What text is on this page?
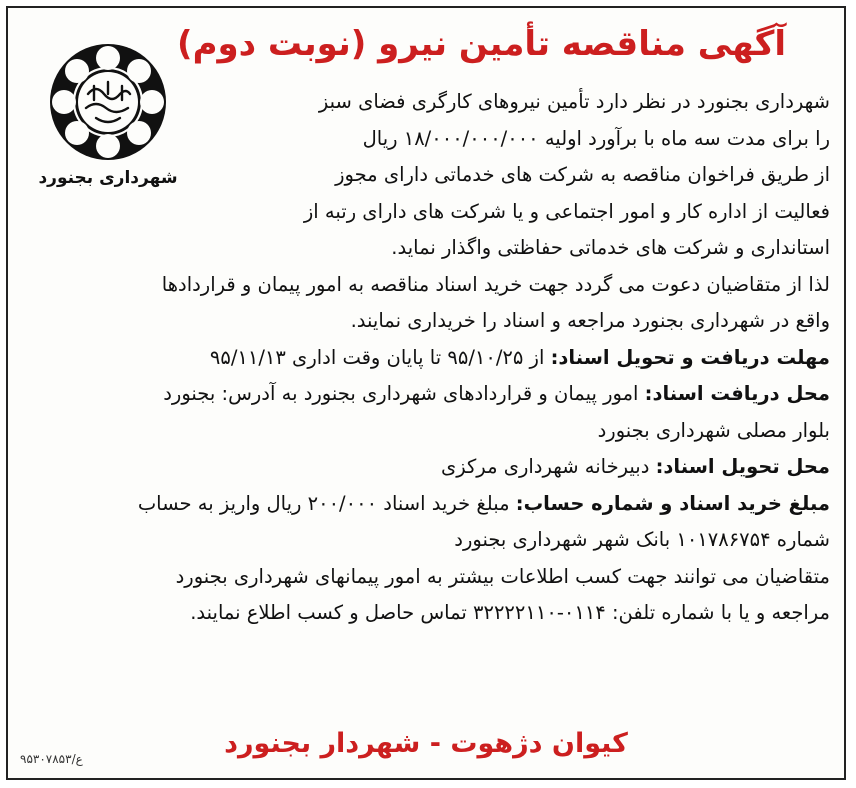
آگهی مناقصه تأمین نیرو (نوبت دوم)
شهرداری بجنورد
شهرداری بجنورد در نظر دارد تأمین نیروهای کارگری فضای سبز
را برای مدت سه ماه با برآورد اولیه ۱۸/۰۰۰/۰۰۰/۰۰۰ ریال
از طریق فراخوان مناقصه به شرکت های خدماتی دارای مجوز
فعالیت از اداره کار و امور اجتماعی و یا شرکت های دارای رتبه از
استانداری و شرکت های خدماتی حفاظتی واگذار نماید.
لذا از متقاضیان دعوت می گردد جهت خرید اسناد مناقصه به امور پیمان و قراردادها
واقع در شهرداری بجنورد مراجعه و اسناد را خریداری نمایند.
مهلت دریافت و تحویل اسناد: از ۹۵/۱۰/۲۵ تا پایان وقت اداری ۹۵/۱۱/۱۳
محل دریافت اسناد: امور پیمان و قراردادهای شهرداری بجنورد به آدرس: بجنورد
بلوار مصلی شهرداری بجنورد
محل تحویل اسناد: دبیرخانه شهرداری مرکزی
مبلغ خرید اسناد و شماره حساب: مبلغ خرید اسناد ۲۰۰/۰۰۰ ریال واریز به حساب
شماره ۱۰۱۷۸۶۷۵۴ بانک شهر شهرداری بجنورد
متقاضیان می توانند جهت کسب اطلاعات بیشتر به امور پیمانهای شهرداری بجنورد
مراجعه و یا با شماره تلفن: ۰۱۱۴-۳۲۲۲۲۱۱۰ تماس حاصل و کسب اطلاع نمایند.
کیوان دژهوت - شهردار بجنورد
ع/۹۵۳۰۷۸۵۳
